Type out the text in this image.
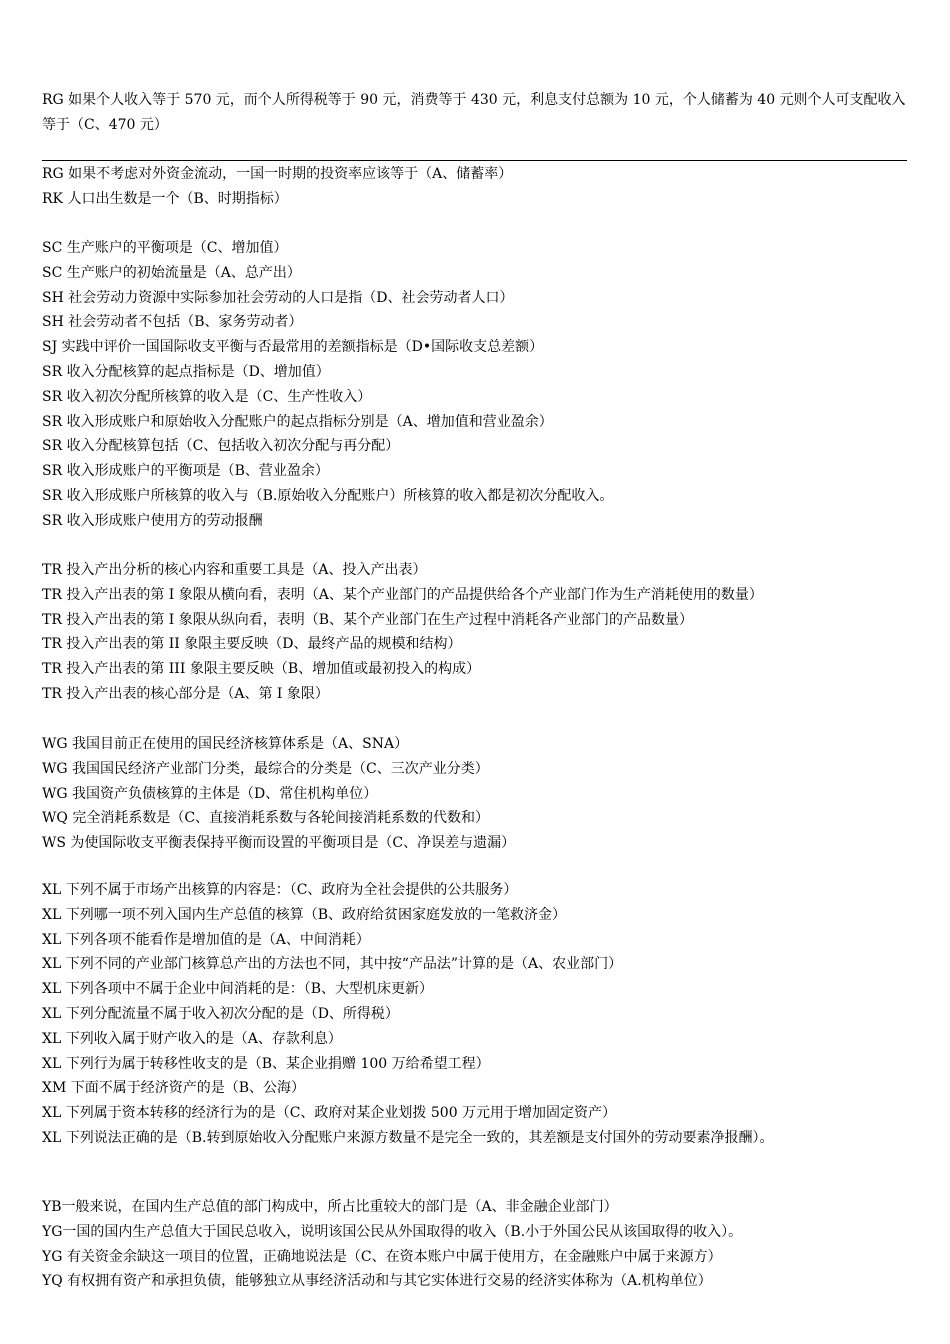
RG 如果个人收入等于 570 元，而个人所得税等于 90 元，消费等于 430 元，利息支付总额为 10 元，个人储蓄为 40 元则个人可支配收入等于（C、470 元）
RG 如果不考虑对外资金流动，一国一时期的投资率应该等于（A、储蓄率）
RK 人口出生数是一个（B、时期指标）
SC 生产账户的平衡项是（C、增加值）
SC 生产账户的初始流量是（A、总产出）
SH 社会劳动力资源中实际参加社会劳动的人口是指（D、社会劳动者人口）
SH 社会劳动者不包括（B、家务劳动者）
SJ 实践中评价一国国际收支平衡与否最常用的差额指标是（D•国际收支总差额）
SR 收入分配核算的起点指标是（D、增加值）
SR 收入初次分配所核算的收入是（C、生产性收入）
SR 收入形成账户和原始收入分配账户的起点指标分别是（A、增加值和营业盈余）
SR 收入分配核算包括（C、包括收入初次分配与再分配）
SR 收入形成账户的平衡项是（B、营业盈余）
SR 收入形成账户所核算的收入与（B.原始收入分配账户）所核算的收入都是初次分配收入。
SR 收入形成账户使用方的劳动报酬
TR 投入产出分析的核心内容和重要工具是（A、投入产出表）
TR 投入产出表的第 I 象限从横向看，表明（A、某个产业部门的产品提供给各个产业部门作为生产消耗使用的数量）
TR 投入产出表的第 I 象限从纵向看，表明（B、某个产业部门在生产过程中消耗各产业部门的产品数量）
TR 投入产出表的第 II 象限主要反映（D、最终产品的规模和结构）
TR 投入产出表的第 III 象限主要反映（B、增加值或最初投入的构成）
TR 投入产出表的核心部分是（A、第 I 象限）
WG 我国目前正在使用的国民经济核算体系是（A、SNA）
WG 我国国民经济产业部门分类，最综合的分类是（C、三次产业分类）
WG 我国资产负债核算的主体是（D、常住机构单位）
WQ 完全消耗系数是（C、直接消耗系数与各轮间接消耗系数的代数和）
WS 为使国际收支平衡表保持平衡而设置的平衡项目是（C、净误差与遗漏）
XL 下列不属于市场产出核算的内容是：（C、政府为全社会提供的公共服务）
XL 下列哪一项不列入国内生产总值的核算（B、政府给贫困家庭发放的一笔救济金）
XL 下列各项不能看作是增加值的是（A、中间消耗）
XL 下列不同的产业部门核算总产出的方法也不同，其中按“产品法”计算的是（A、农业部门）
XL 下列各项中不属于企业中间消耗的是：（B、大型机床更新）
XL 下列分配流量不属于收入初次分配的是（D、所得税）
XL 下列收入属于财产收入的是（A、存款利息）
XL 下列行为属于转移性收支的是（B、某企业捐赠 100 万给希望工程）
XM 下面不属于经济资产的是（B、公海）
XL 下列属于资本转移的经济行为的是（C、政府对某企业划拨 500 万元用于增加固定资产）
XL 下列说法正确的是（B.转到原始收入分配账户来源方数量不是完全一致的，其差额是支付国外的劳动要素净报酬）。
YB一般来说，在国内生产总值的部门构成中，所占比重较大的部门是（A、非金融企业部门）
YG一国的国内生产总值大于国民总收入，说明该国公民从外国取得的收入（B.小于外国公民从该国取得的收入）。
YG 有关资金余缺这一项目的位置，正确地说法是（C、在资本账户中属于使用方，在金融账户中属于来源方）
YQ 有权拥有资产和承担负债，能够独立从事经济活动和与其它实体进行交易的经济实体称为（A.机构单位）
